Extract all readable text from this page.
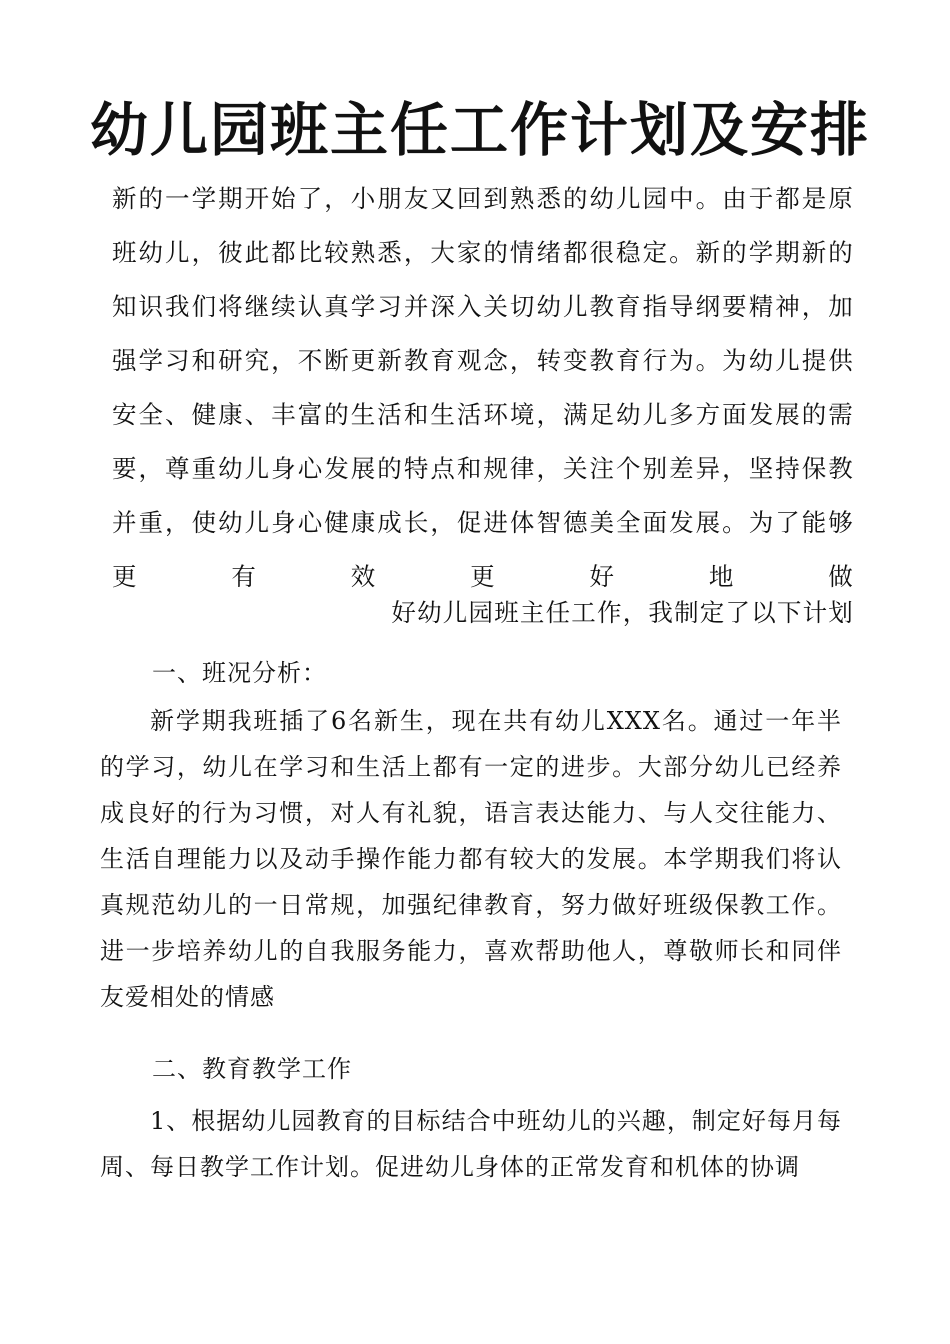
幼儿园班主任工作计划及安排

新的一学期开始了，小朋友又回到熟悉的幼儿园中。由于都是原班幼儿，彼此都比较熟悉，大家的情绪都很稳定。新的学期新的知识我们将继续认真学习并深入关切幼儿教育指导纲要精神，加强学习和研究，不断更新教育观念，转变教育行为。为幼儿提供安全、健康、丰富的生活和生活环境，满足幼儿多方面发展的需要，尊重幼儿身心发展的特点和规律，关注个别差异，坚持保教并重，使幼儿身心健康成长，促进体智德美全面发展。为了能够更有效更好地做

好幼儿园班主任工作，我制定了以下计划

一、班况分析：

新学期我班插了6名新生，现在共有幼儿XXX名。通过一年半的学习，幼儿在学习和生活上都有一定的进步。大部分幼儿已经养成良好的行为习惯，对人有礼貌，语言表达能力、与人交往能力、生活自理能力以及动手操作能力都有较大的发展。本学期我们将认真规范幼儿的一日常规，加强纪律教育，努力做好班级保教工作。进一步培养幼儿的自我服务能力，喜欢帮助他人，尊敬师长和同伴友爱相处的情感

二、教育教学工作

1、根据幼儿园教育的目标结合中班幼儿的兴趣，制定好每月每周、每日教学工作计划。促进幼儿身体的正常发育和机体的协调
